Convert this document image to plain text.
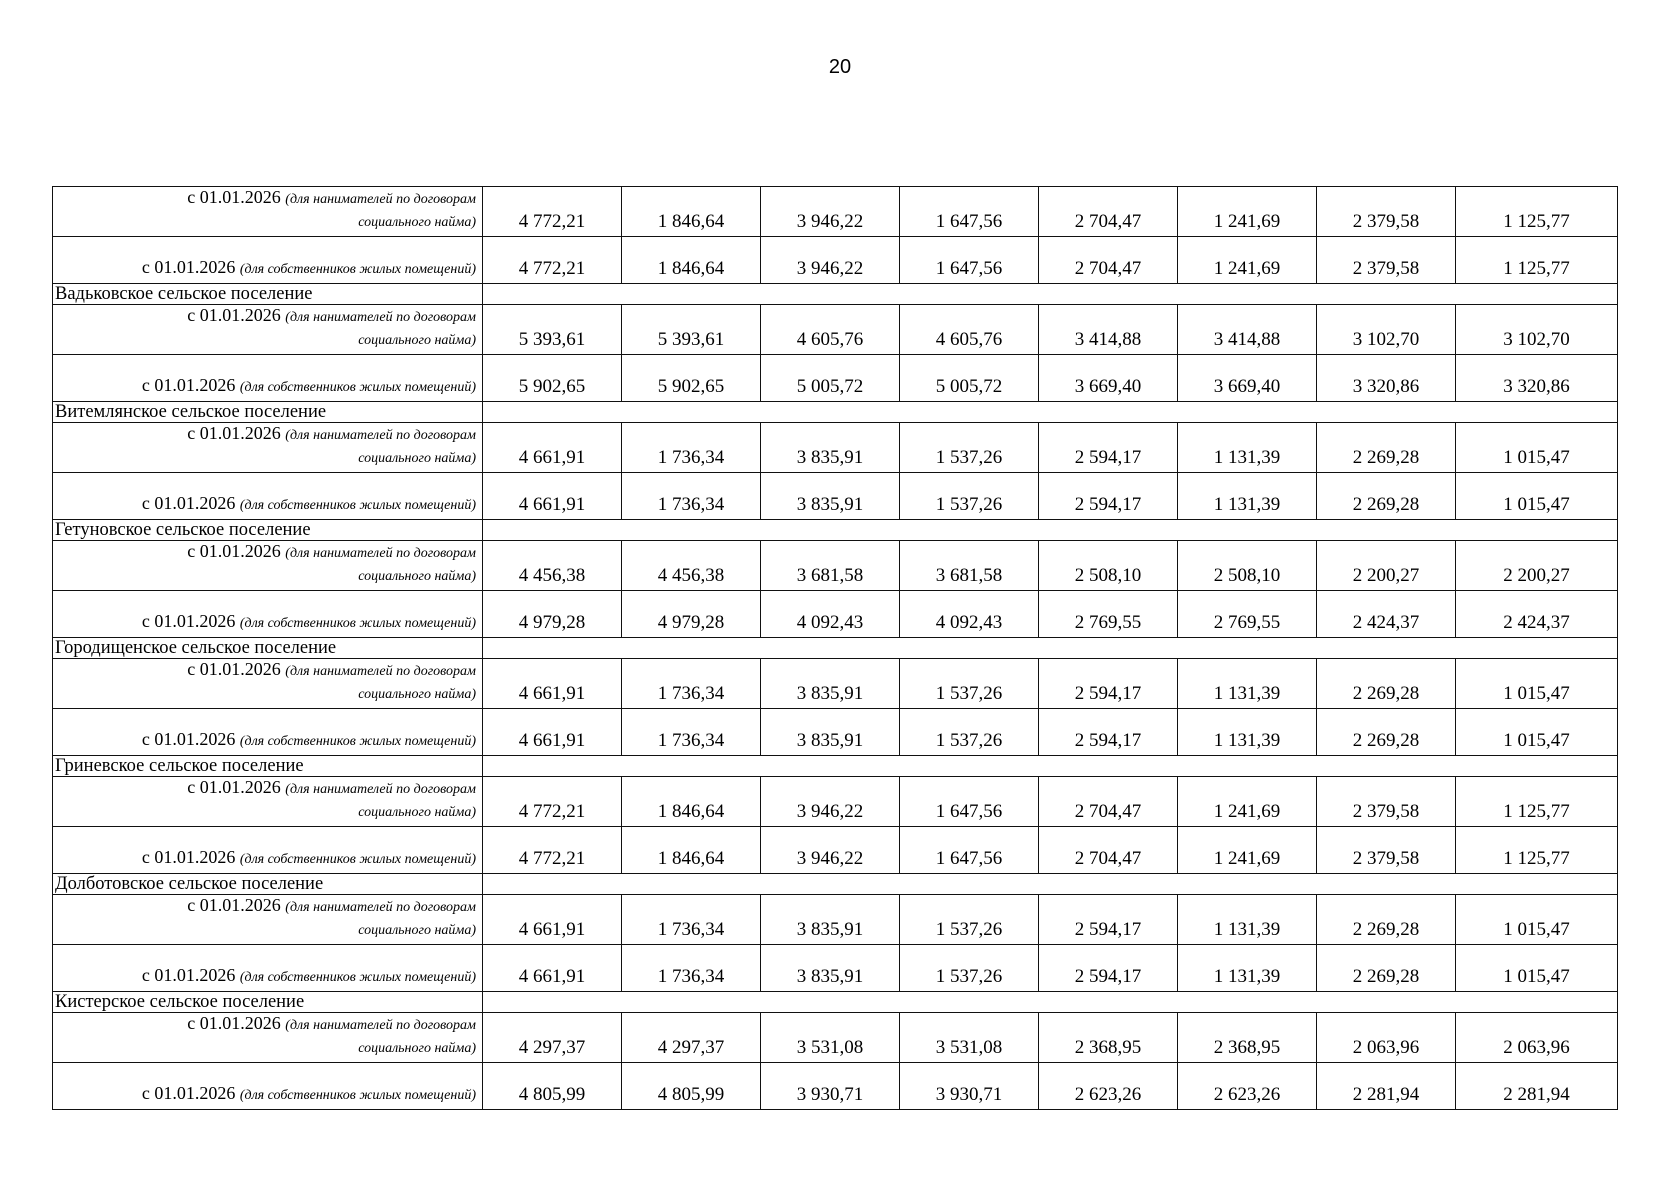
20
с 01.01.2026 (для нанимателей по договорам
социального найма)	4 772,21	1 846,64	3 946,22	1 647,56	2 704,47	1 241,69	2 379,58	1 125,77
с 01.01.2026 (для собственников жилых помещений)	4 772,21	1 846,64	3 946,22	1 647,56	2 704,47	1 241,69	2 379,58	1 125,77
Вадьковское сельское поселение								
с 01.01.2026 (для нанимателей по договорам
социального найма)	5 393,61	5 393,61	4 605,76	4 605,76	3 414,88	3 414,88	3 102,70	3 102,70
с 01.01.2026 (для собственников жилых помещений)	5 902,65	5 902,65	5 005,72	5 005,72	3 669,40	3 669,40	3 320,86	3 320,86
Витемлянское сельское поселение								
с 01.01.2026 (для нанимателей по договорам
социального найма)	4 661,91	1 736,34	3 835,91	1 537,26	2 594,17	1 131,39	2 269,28	1 015,47
с 01.01.2026 (для собственников жилых помещений)	4 661,91	1 736,34	3 835,91	1 537,26	2 594,17	1 131,39	2 269,28	1 015,47
Гетуновское сельское поселение								
с 01.01.2026 (для нанимателей по договорам
социального найма)	4 456,38	4 456,38	3 681,58	3 681,58	2 508,10	2 508,10	2 200,27	2 200,27
с 01.01.2026 (для собственников жилых помещений)	4 979,28	4 979,28	4 092,43	4 092,43	2 769,55	2 769,55	2 424,37	2 424,37
Городищенское сельское поселение								
с 01.01.2026 (для нанимателей по договорам
социального найма)	4 661,91	1 736,34	3 835,91	1 537,26	2 594,17	1 131,39	2 269,28	1 015,47
с 01.01.2026 (для собственников жилых помещений)	4 661,91	1 736,34	3 835,91	1 537,26	2 594,17	1 131,39	2 269,28	1 015,47
Гриневское сельское поселение								
с 01.01.2026 (для нанимателей по договорам
социального найма)	4 772,21	1 846,64	3 946,22	1 647,56	2 704,47	1 241,69	2 379,58	1 125,77
с 01.01.2026 (для собственников жилых помещений)	4 772,21	1 846,64	3 946,22	1 647,56	2 704,47	1 241,69	2 379,58	1 125,77
Долботовское сельское поселение								
с 01.01.2026 (для нанимателей по договорам
социального найма)	4 661,91	1 736,34	3 835,91	1 537,26	2 594,17	1 131,39	2 269,28	1 015,47
с 01.01.2026 (для собственников жилых помещений)	4 661,91	1 736,34	3 835,91	1 537,26	2 594,17	1 131,39	2 269,28	1 015,47
Кистерское сельское поселение								
с 01.01.2026 (для нанимателей по договорам
социального найма)	4 297,37	4 297,37	3 531,08	3 531,08	2 368,95	2 368,95	2 063,96	2 063,96
с 01.01.2026 (для собственников жилых помещений)	4 805,99	4 805,99	3 930,71	3 930,71	2 623,26	2 623,26	2 281,94	2 281,94
